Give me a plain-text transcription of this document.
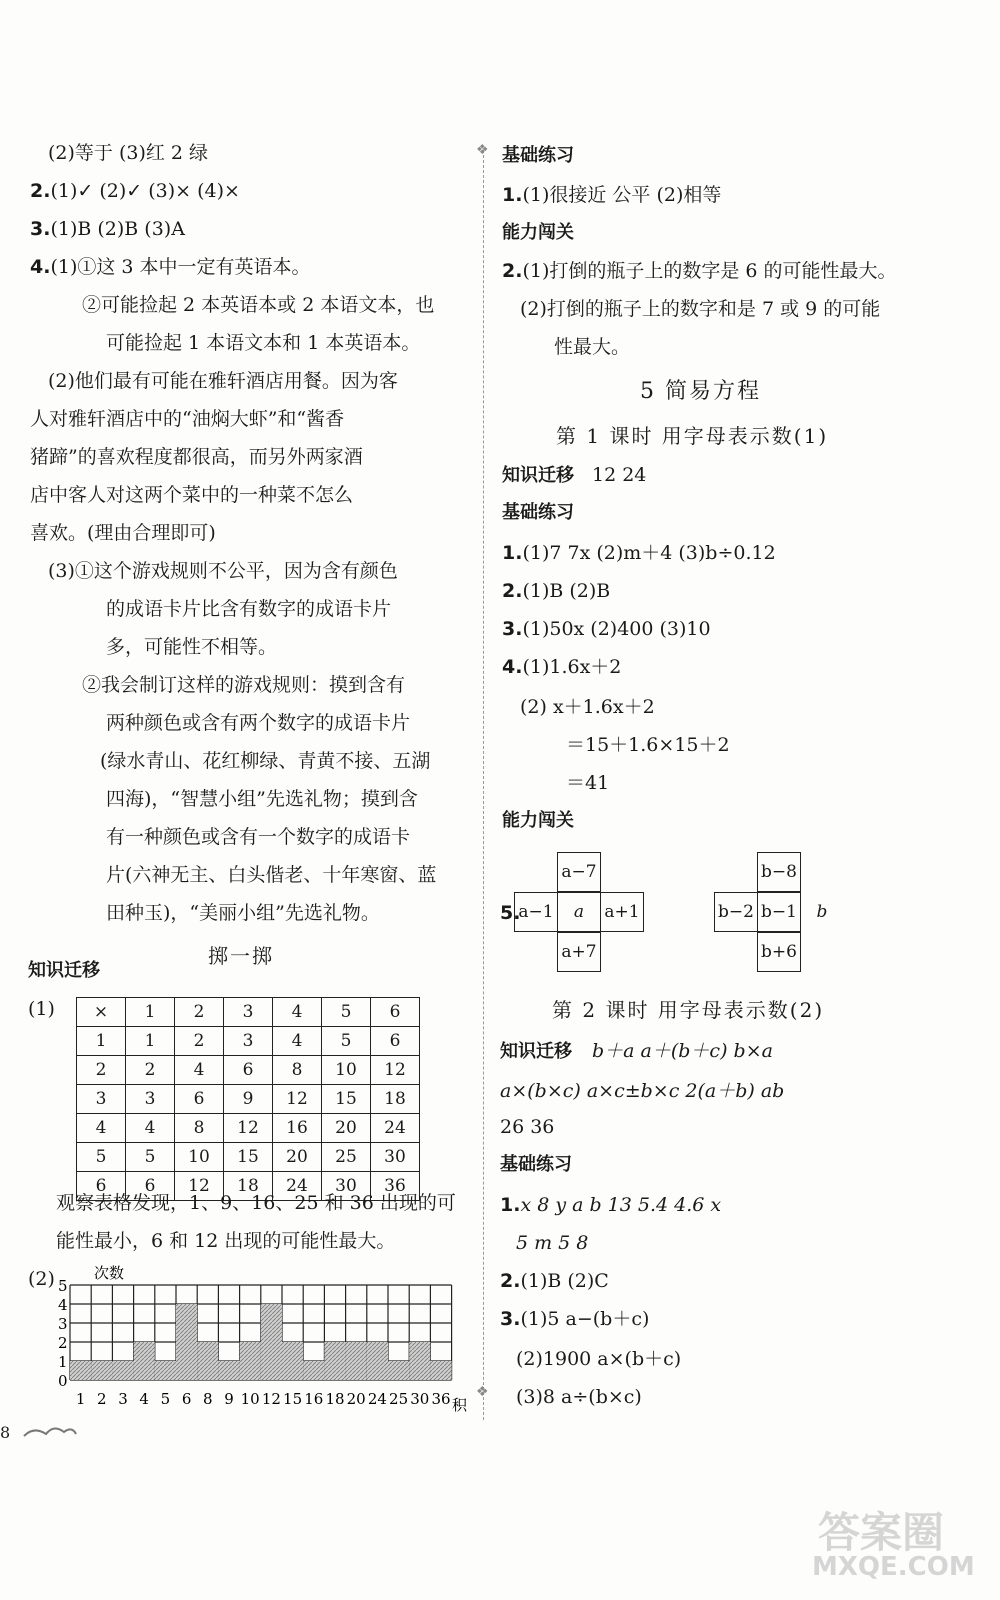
(2)等于 (3)红 2 绿
2.(1)✓ (2)✓ (3)× (4)×
3.(1)B (2)B (3)A
4.(1)①这 3 本中一定有英语本。
②可能捡起 2 本英语本或 2 本语文本，也
可能捡起 1 本语文本和 1 本英语本。
(2)他们最有可能在雅轩酒店用餐。因为客
人对雅轩酒店中的“油焖大虾”和“酱香
猪蹄”的喜欢程度都很高，而另外两家酒
店中客人对这两个菜中的一种菜不怎么
喜欢。(理由合理即可)
(3)①这个游戏规则不公平，因为含有颜色
的成语卡片比含有数字的成语卡片
多，可能性不相等。
②我会制订这样的游戏规则：摸到含有
两种颜色或含有两个数字的成语卡片
(绿水青山、花红柳绿、青黄不接、五湖
四海)，“智慧小组”先选礼物；摸到含
有一种颜色或含有一个数字的成语卡
片(六神无主、白头偕老、十年寒窗、蓝
田种玉)，“美丽小组”先选礼物。
掷一掷
知识迁移
(1) ×	1	2	3	4	5	6
1	1	2	3	4	5	6
2	2	4	6	8	10	12
3	3	6	9	12	15	18
4	4	8	12	16	20	24
5	5	10	15	20	25	30
6	6	12	18	24	30	36
观察表格发现，1、9、16、25 和 36 出现的可
能性最小，6 和 12 出现的可能性最大。
(2)
0
1
2
3
4
5
1 2 3 4 5 6 8 9 10 12 15 16 18 20 24 25 30 36
次数
积
8
❖
❖
基础练习
1.(1)很接近 公平 (2)相等
能力闯关
2.(1)打倒的瓶子上的数字是 6 的可能性最大。
(2)打倒的瓶子上的数字和是 7 或 9 的可能
性最大。
5 简易方程
第 1 课时 用字母表示数(1)
知识迁移 12 24
基础练习
1.(1)7 7x (2)m＋4 (3)b÷0.12
2.(1)B (2)B
3.(1)50x (2)400 (3)10
4.(1)1.6x＋2
(2) x＋1.6x＋2
＝15＋1.6×15＋2
＝41
能力闯关
5.
a−7
a−1	a	a+1
a+7
b−8
b−2 b−1	b
b+6
第 2 课时 用字母表示数(2)
知识迁移 b＋a a＋(b＋c) b×a
a×(b×c) a×c±b×c 2(a＋b) ab
26 36
基础练习
1.x 8 y a b 13 5.4 4.6 x
5 m 5 8
2.(1)B (2)C
3.(1)5 a−(b＋c)
(2)1900 a×(b＋c)
(3)8 a÷(b×c)
答案圈
MXQE.COM
